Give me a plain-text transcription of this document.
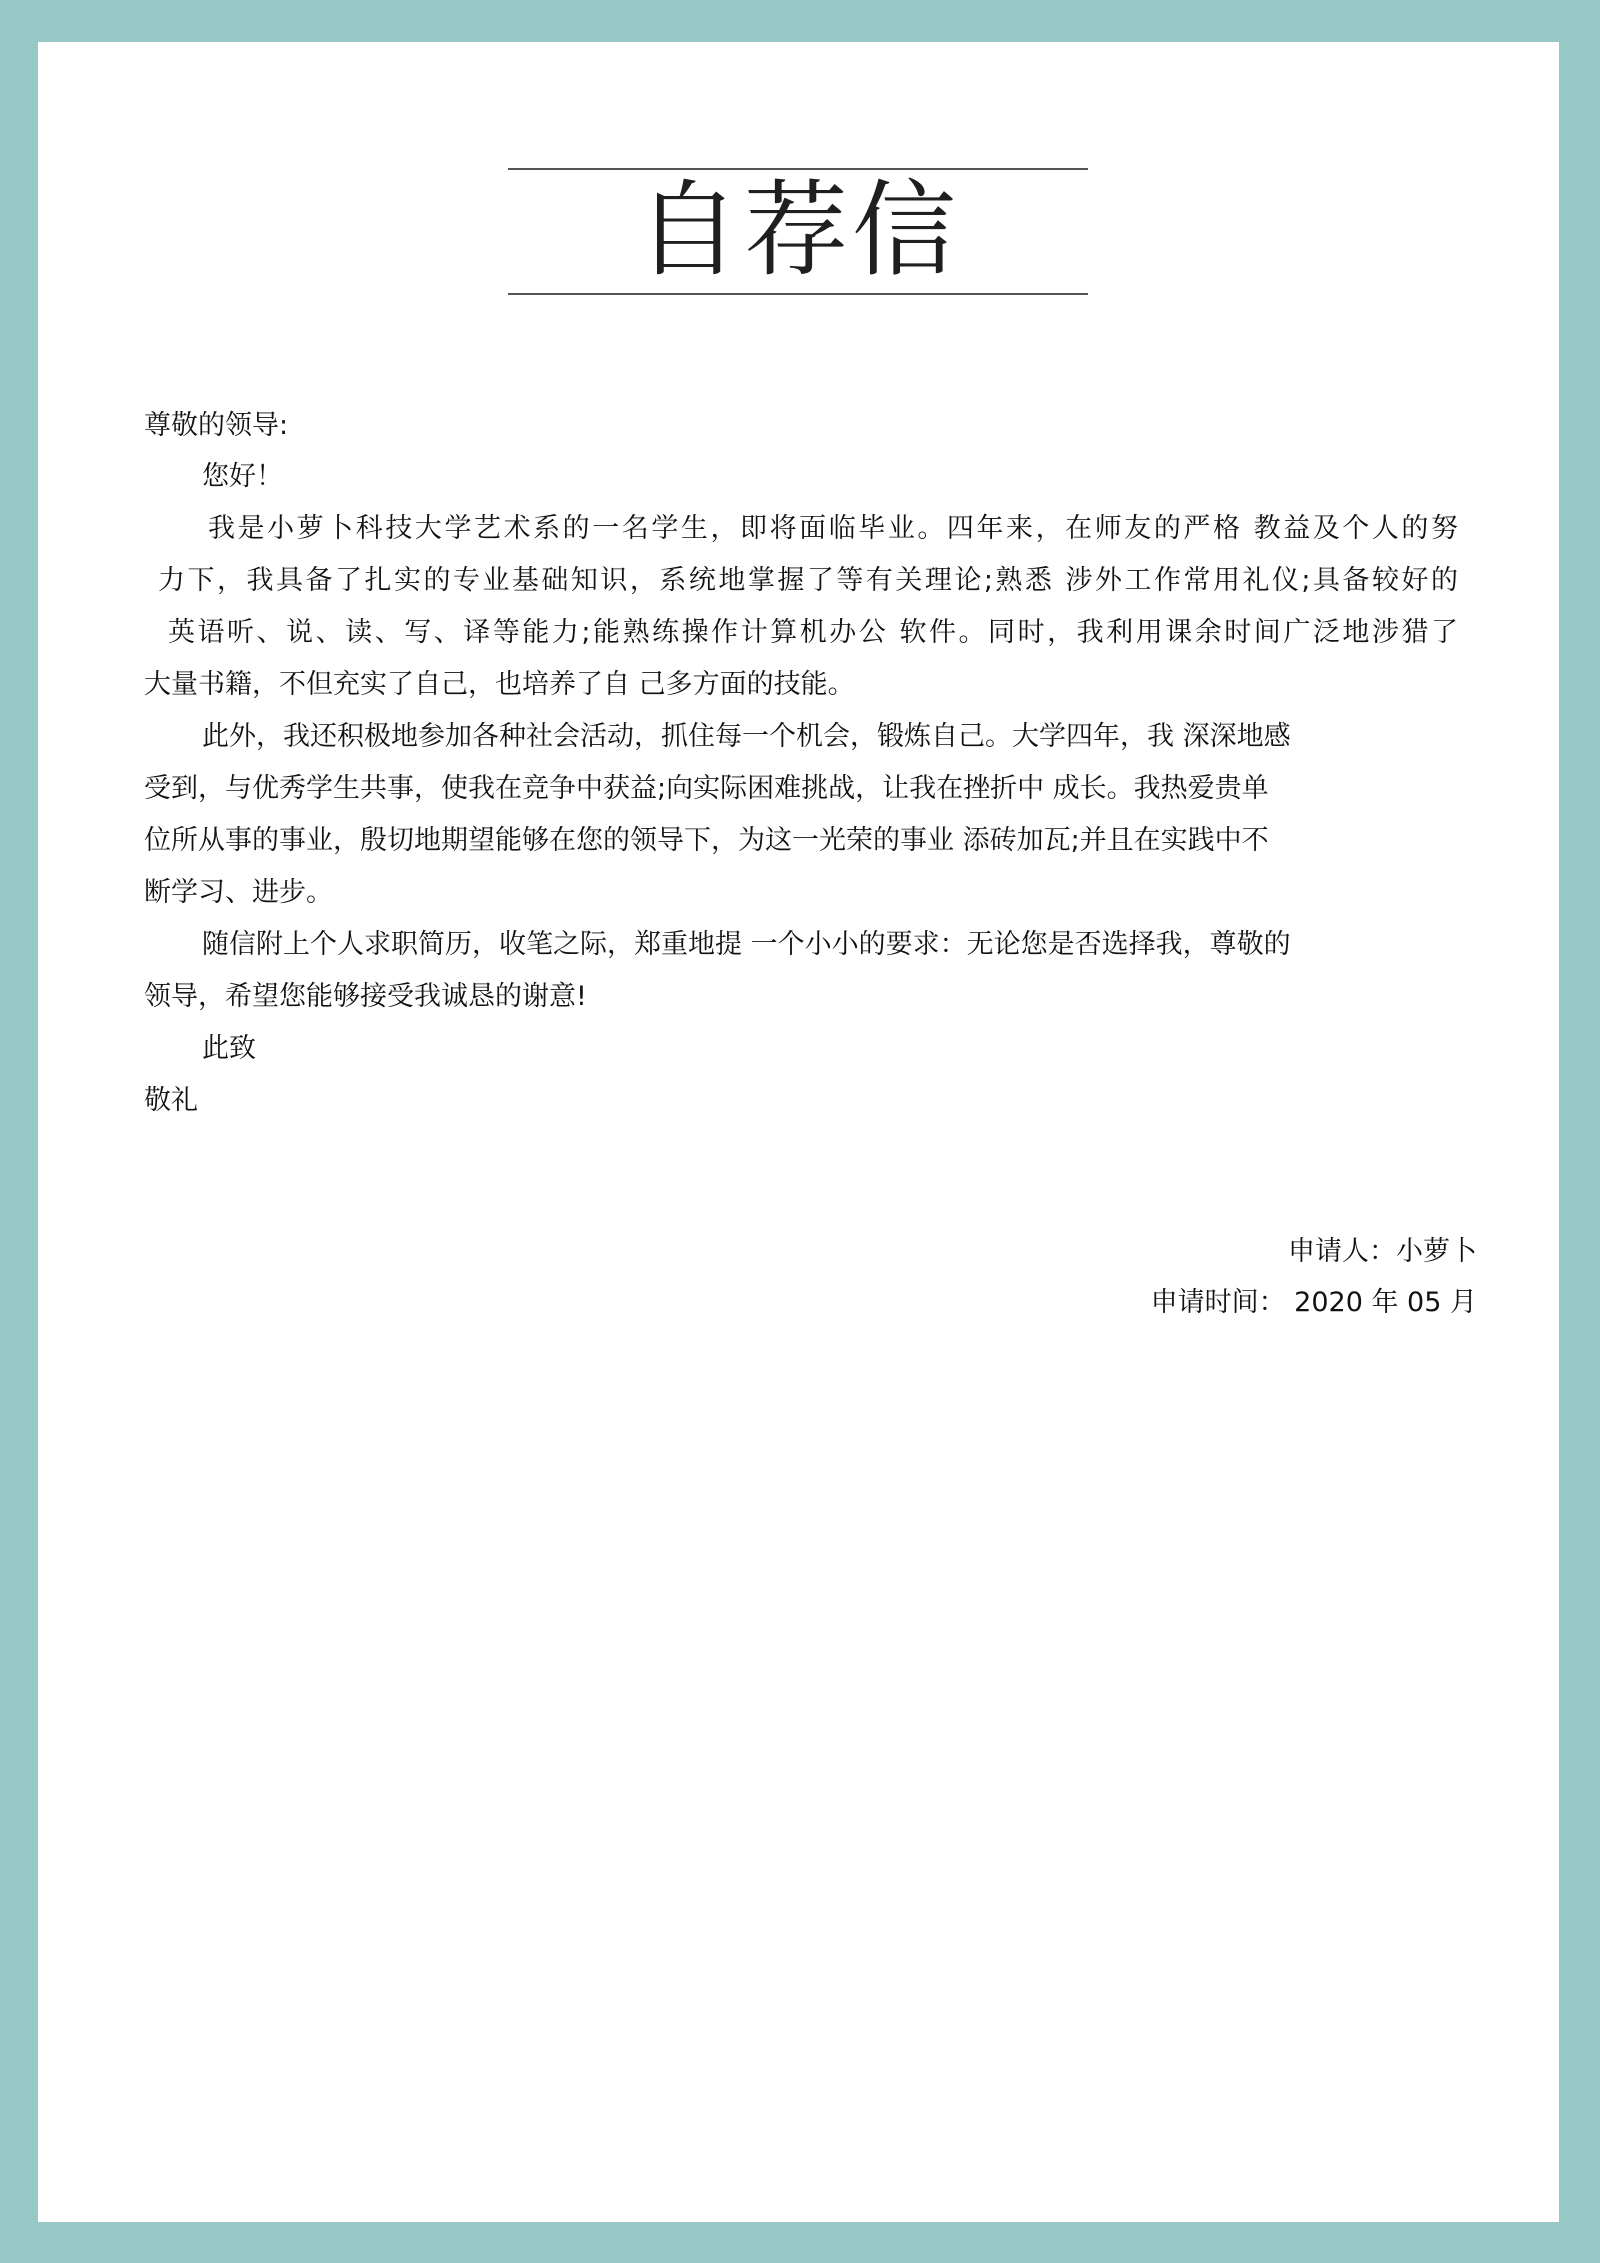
自荐信
尊敬的领导:
您好！
我是小萝卜科技大学艺术系的一名学生，即将面临毕业。四年来，在师友的严格 教益及个人的努
力下，我具备了扎实的专业基础知识，系统地掌握了等有关理论;熟悉 涉外工作常用礼仪;具备较好的
英语听、说、读、写、译等能力;能熟练操作计算机办公 软件。同时，我利用课余时间广泛地涉猎了
大量书籍，不但充实了自己，也培养了自 己多方面的技能。
此外，我还积极地参加各种社会活动，抓住每一个机会，锻炼自己。大学四年，我 深深地感
受到，与优秀学生共事，使我在竞争中获益;向实际困难挑战，让我在挫折中 成长。我热爱贵单
位所从事的事业，殷切地期望能够在您的领导下，为这一光荣的事业 添砖加瓦;并且在实践中不
断学习、进步。
随信附上个人求职简历，收笔之际，郑重地提 一个小小的要求：无论您是否选择我，尊敬的
领导，希望您能够接受我诚恳的谢意!
此致
敬礼
申请人：小萝卜
申请时间： 2020 年 05 月
